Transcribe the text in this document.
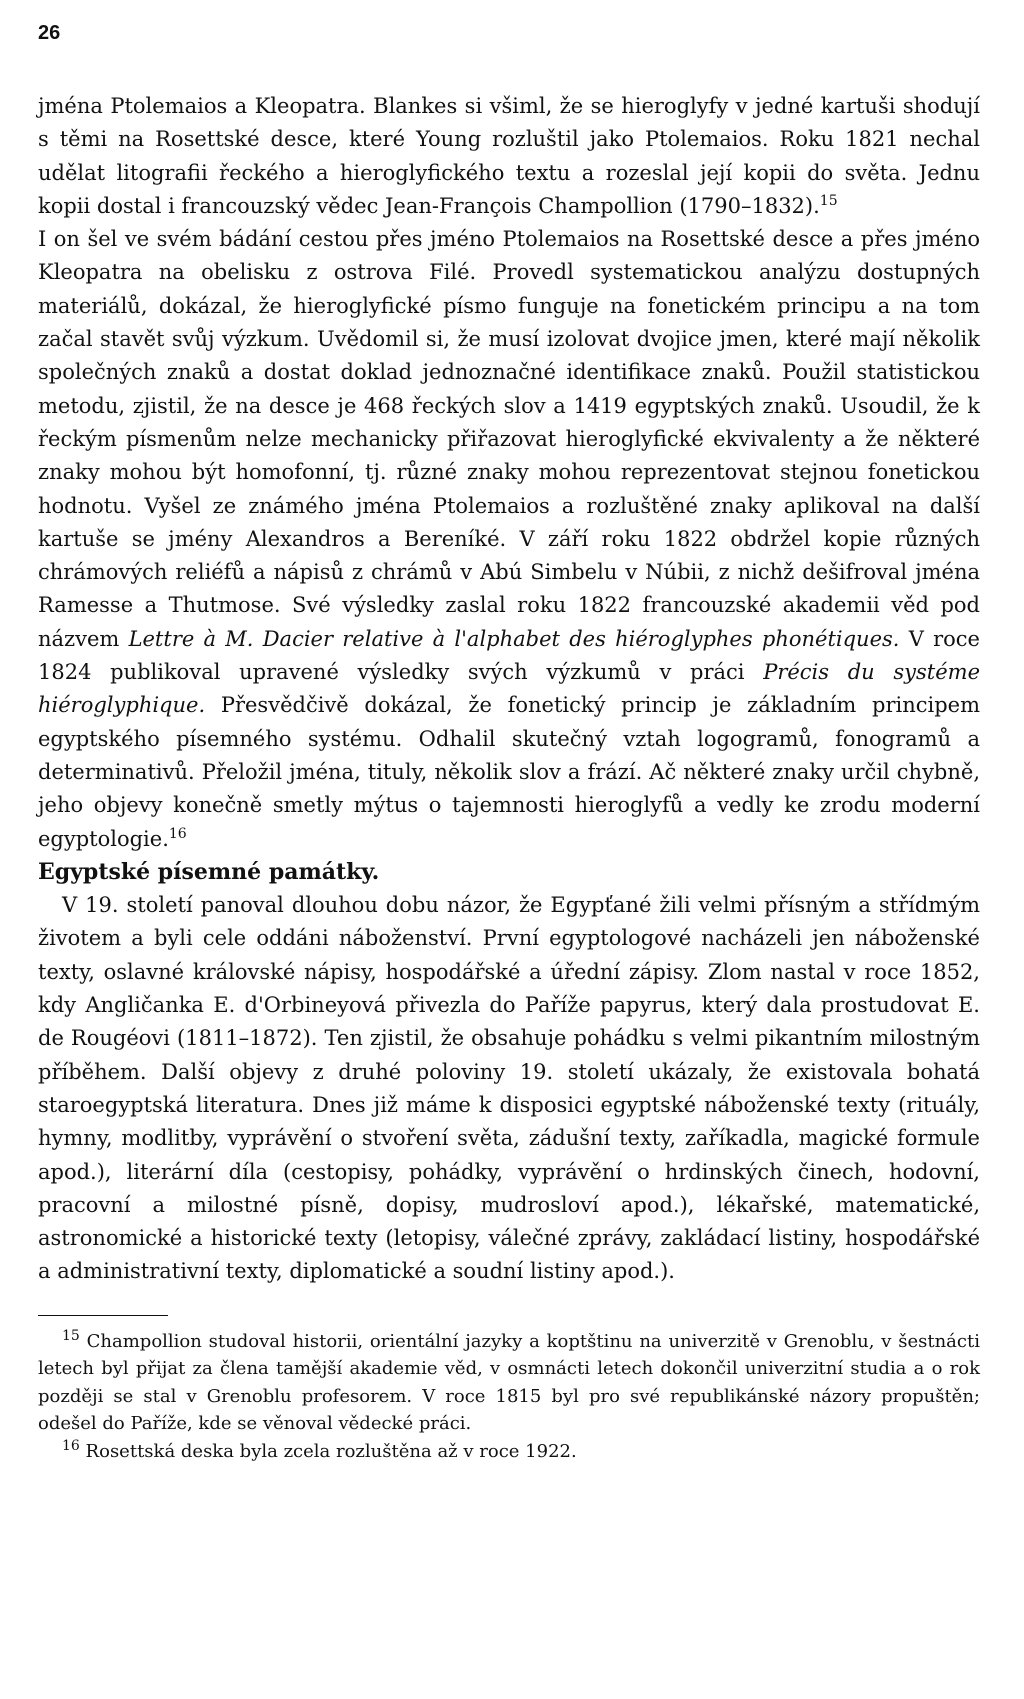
26

jména Ptolemaios a Kleopatra. Blankes si všiml, že se hieroglyfy v jedné kartuši shodují s těmi na Rosettské desce, které Young rozluštil jako Ptolemaios. Roku 1821 nechal udělat litografii řeckého a hieroglyfického textu a rozeslal její kopii do světa. Jednu kopii dostal i francouzský vědec Jean-François Champollion (1790–1832).$^{15}$

I on šel ve svém bádání cestou přes jméno Ptolemaios na Rosettské desce a přes jméno Kleopatra na obelisku z ostrova Filé. Provedl systematickou analýzu dostupných materiálů, dokázal, že hieroglyfické písmo funguje na fonetickém principu a na tom začal stavět svůj výzkum. Uvědomil si, že musí izolovat dvojice jmen, které mají několik společných znaků a dostat doklad jednoznačné identifikace znaků. Použil statistickou metodu, zjistil, že na desce je 468 řeckých slov a 1419 egyptských znaků. Usoudil, že k řeckým písmenům nelze mechanicky přiřazovat hieroglyfické ekvivalenty a že některé znaky mohou být homofonní, tj. různé znaky mohou reprezentovat stejnou fonetickou hodnotu. Vyšel ze známého jména Ptolemaios a rozluštěné znaky aplikoval na další kartuše se jmény Alexandros a Bereníké. V září roku 1822 obdržel kopie různých chrámových reliéfů a nápisů z chrámů v Abú Simbelu v Núbii, z nichž dešifroval jména Ramesse a Thutmose. Své výsledky zaslal roku 1822 francouzské akademii věd pod názvem Lettre à M. Dacier relative à l'alphabet des hiéroglyphes phonétiques. V roce 1824 publikoval upravené výsledky svých výzkumů v práci Précis du systéme hiéroglyphique. Přesvědčivě dokázal, že fonetický princip je základním principem egyptského písemného systému. Odhalil skutečný vztah logogramů, fonogramů a determinativů. Přeložil jména, tituly, několik slov a frází. Ač některé znaky určil chybně, jeho objevy konečně smetly mýtus o tajemnosti hieroglyfů a vedly ke zrodu moderní egyptologie.$^{16}$

Egyptské písemné památky.

V 19. století panoval dlouhou dobu názor, že Egypťané žili velmi přísným a střídmým životem a byli cele oddáni náboženství. První egyptologové nacházeli jen náboženské texty, oslavné královské nápisy, hospodářské a úřední zápisy. Zlom nastal v roce 1852, kdy Angličanka E. d'Orbineyová přivezla do Paříže papyrus, který dala prostudovat E. de Rougéovi (1811–1872). Ten zjistil, že obsahuje pohádku s velmi pikantním milostným příběhem. Další objevy z druhé poloviny 19. století ukázaly, že existovala bohatá staroegyptská literatura. Dnes již máme k disposici egyptské náboženské texty (rituály, hymny, modlitby, vyprávění o stvoření světa, zádušní texty, zaříkadla, magické formule apod.), literární díla (cestopisy, pohádky, vyprávění o hrdinských činech, hodovní, pracovní a milostné písně, dopisy, mudrosloví apod.), lékařské, matematické, astronomické a historické texty (letopisy, válečné zprávy, zakládací listiny, hospodářské a administrativní texty, diplomatické a soudní listiny apod.).

$^{15}$ Champollion studoval historii, orientální jazyky a koptštinu na univerzitě v Grenoblu, v šestnácti letech byl přijat za člena tamější akademie věd, v osmnácti letech dokončil univerzitní studia a o rok později se stal v Grenoblu profesorem. V roce 1815 byl pro své republikánské názory propuštěn; odešel do Paříže, kde se věnoval vědecké práci.

$^{16}$ Rosettská deska byla zcela rozluštěna až v roce 1922.
